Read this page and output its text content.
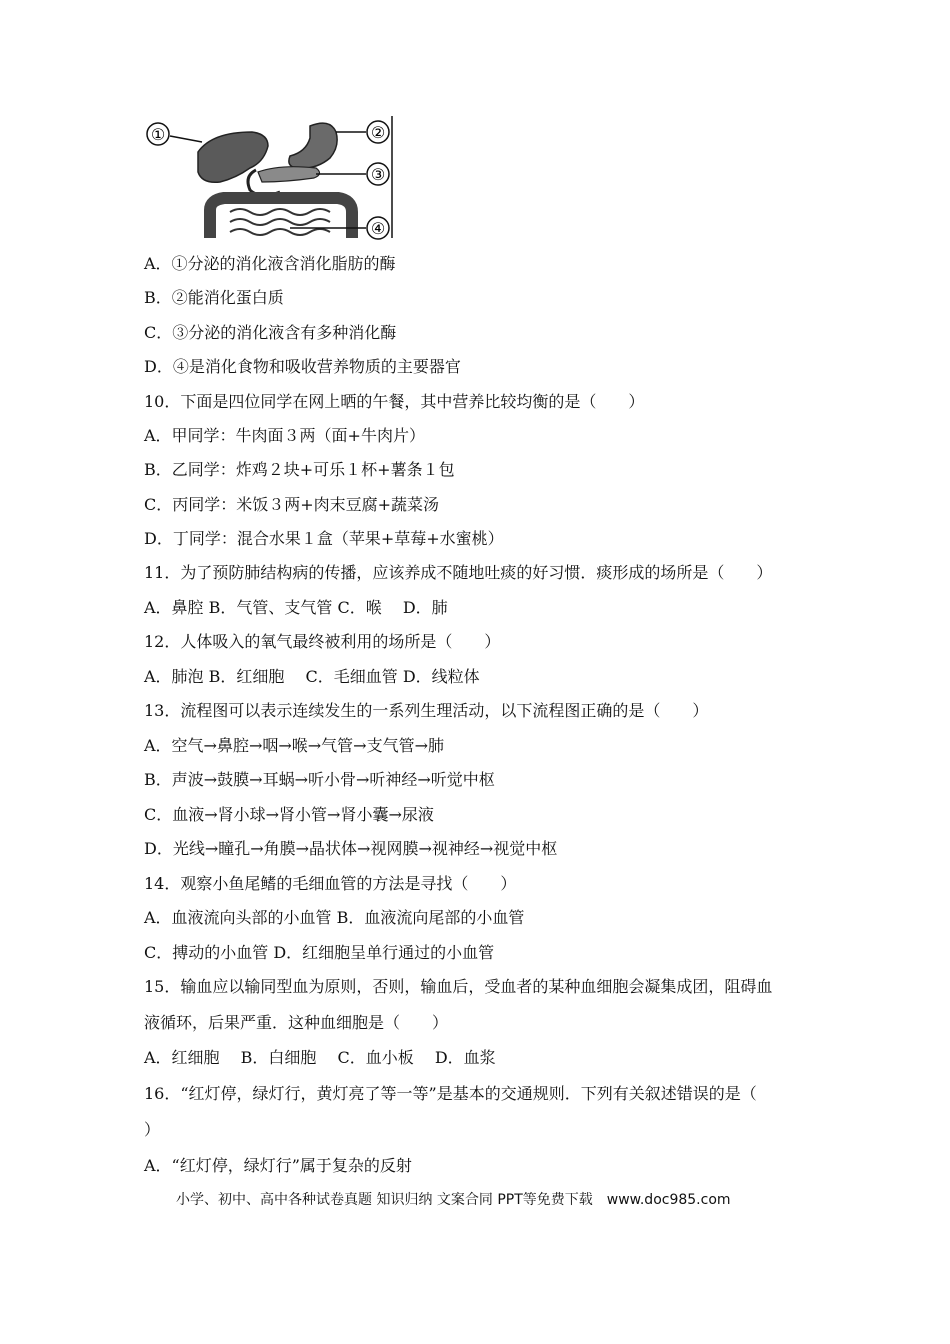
①	②
③
④
A．①分泌的消化液含消化脂肪的酶
B．②能消化蛋白质
C．③分泌的消化液含有多种消化酶
D．④是消化食物和吸收营养物质的主要器官
10．下面是四位同学在网上晒的午餐，其中营养比较均衡的是（　　）
A．甲同学：牛肉面３两（面+牛肉片）
B．乙同学：炸鸡２块+可乐１杯+薯条１包
C．丙同学：米饭３两+肉末豆腐+蔬菜汤
D．丁同学：混合水果１盒（苹果+草莓+水蜜桃）
11．为了预防肺结构病的传播，应该养成不随地吐痰的好习惯．痰形成的场所是（　　）
A．鼻腔 B．气管、支气管 C．喉　 D．肺
12．人体吸入的氧气最终被利用的场所是（　　）
A．肺泡 B．红细胞　 C．毛细血管 D．线粒体
13．流程图可以表示连续发生的一系列生理活动，以下流程图正确的是（　　）
A．空气→鼻腔→咽→喉→气管→支气管→肺
B．声波→鼓膜→耳蜗→听小骨→听神经→听觉中枢
C．血液→肾小球→肾小管→肾小囊→尿液
D．光线→瞳孔→角膜→晶状体→视网膜→视神经→视觉中枢
14．观察小鱼尾鳍的毛细血管的方法是寻找（　　）
A．血液流向头部的小血管 B．血液流向尾部的小血管
C．搏动的小血管 D．红细胞呈单行通过的小血管
15．输血应以输同型血为原则，否则，输血后，受血者的某种血细胞会凝集成团，阻碍血
液循环，后果严重．这种血细胞是（　　）
A．红细胞　 B．白细胞　 C．血小板　 D．血浆
16．“红灯停，绿灯行，黄灯亮了等一等”是基本的交通规则．下列有关叙述错误的是（
）
A．“红灯停，绿灯行”属于复杂的反射
小学、初中、高中各种试卷真题 知识归纳 文案合同 PPT等免费下载　www.doc985.com
